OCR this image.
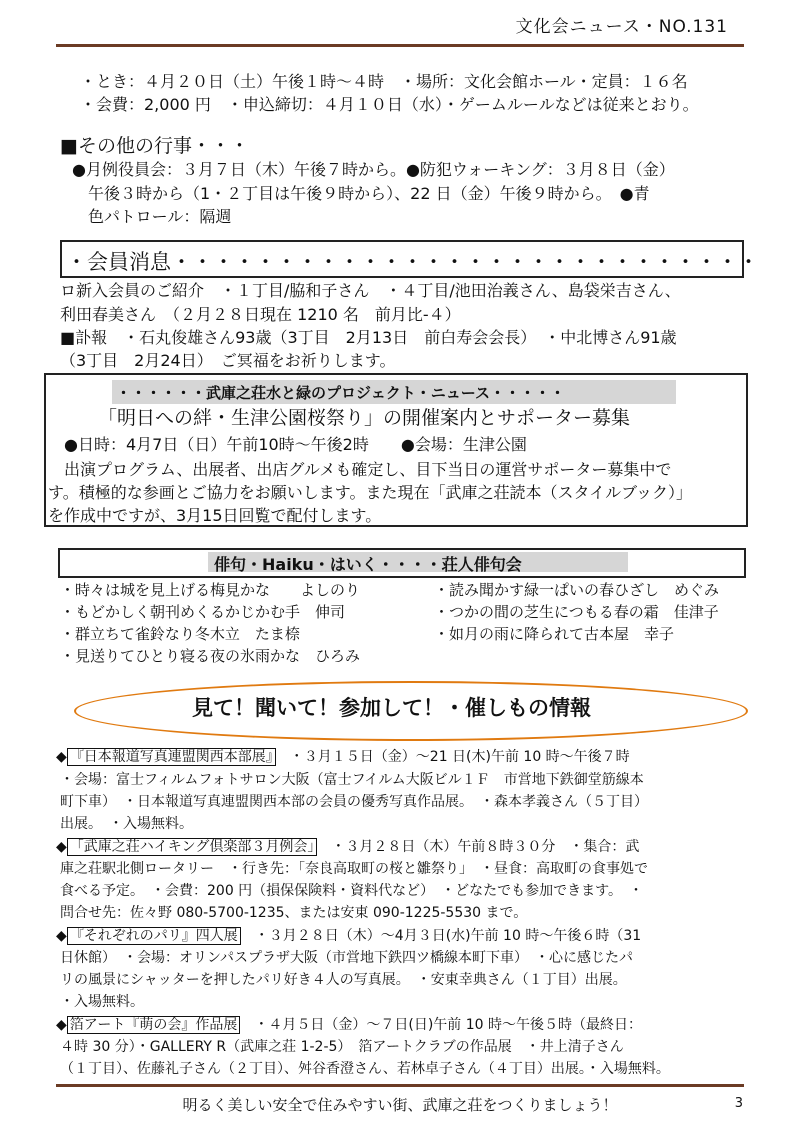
文化会ニュース・NO.131
・とき：４月２０日（土）午後１時～４時　・場所：文化会館ホール・定員：１６名
・会費：2,000 円　・申込締切：４月１０日（水）・ゲームルールなどは従来とおり。
■その他の行事・・・
●月例役員会：３月７日（木）午後７時から。●防犯ウォーキング：３月８日（金）
午後３時から（1・２丁目は午後９時から）、22 日（金）午後９時から。　●青
色パトロール：隔週
・会員消息・・・・・・・・・・・・・・・・・・・・・・・・・・・・
ロ新入会員のご紹介　・１丁目/脇和子さん　・４丁目/池田治義さん、島袋栄吉さん、
利田春美さん　（２月２８日現在 1210 名　前月比-４）
■訃報　・石丸俊雄さん93歳（3丁目　2月13日　前白寿会会長）　・中北博さん91歳
（3丁目　2月24日）　ご冥福をお祈りします。
・・・・・・武庫之荘水と緑のプロジェクト・ニュース・・・・・
「明日への絆・生津公園桜祭り」の開催案内とサポーター募集
●日時：4月7日（日）午前10時～午後2時　　●会場：生津公園
　出演プログラム、出展者、出店グルメも確定し、目下当日の運営サポーター募集中で
す。積極的な参画とご協力をお願いします。また現在「武庫之荘読本（スタイルブック）」
を作成中ですが、3月15日回覧で配付します。
俳句・Haiku・はいく・・・・荘人俳句会
・時々は城を見上げる梅見かな　　よしのり
・もどかしく朝刊めくるかじかむ手　伸司
・群立ちて雀鈴なり冬木立　たま㮈
・見送りてひとり寝る夜の氷雨かな　ひろみ
・読み聞かす緑一ぱいの春ひざし　めぐみ
・つかの間の芝生につもる春の霜　佳津子
・如月の雨に降られて古本屋　幸子
見て！聞いて！参加して！・催しもの情報
◆ 『日本報道写真連盟関西本部展』　・３月１５日（金）～21 日(木)午前 10 時～午後７時
・会場：富士フィルムフォトサロン大阪（富士フイルム大阪ビル１Ｆ　市営地下鉄御堂筋線本
町下車）　・日本報道写真連盟関西本部の会員の優秀写真作品展。　・森本孝義さん（５丁目）
出展。　・入場無料。
◆ 「武庫之荘ハイキング倶楽部３月例会」　・３月２８日（木）午前８時３０分　・集合：武
庫之荘駅北側ロータリー　・行き先：「奈良高取町の桜と雛祭り」　・昼食：高取町の食事処で
食べる予定。　・会費：200 円（損保保険料・資料代など）　・どなたでも参加できます。　・
問合せ先：佐々野 080-5700-1235、または安東 090-1225-5530 まで。
◆ 『それぞれのパリ』四人展　・３月２８日（木）～4月３日(水)午前 10 時～午後６時（31
日休館）　・会場：オリンパスプラザ大阪（市営地下鉄四ツ橋線本町下車）　・心に感じたパ
リの風景にシャッターを押したパリ好き４人の写真展。　・安東幸典さん（１丁目）出展。
・入場無料。
◆ 箔アート『萌の会』作品展　・４月５日（金）～７日(日)午前 10 時～午後５時（最終日：
４時 30 分）・GALLERY R（武庫之荘 1-2-5）　箔アートクラブの作品展　・井上清子さん
（１丁目）、佐藤礼子さん（２丁目）、舛谷香澄さん、若林卓子さん（４丁目）出展。・入場無料。
明るく美しい安全で住みやすい街、武庫之荘をつくりましょう！	3
